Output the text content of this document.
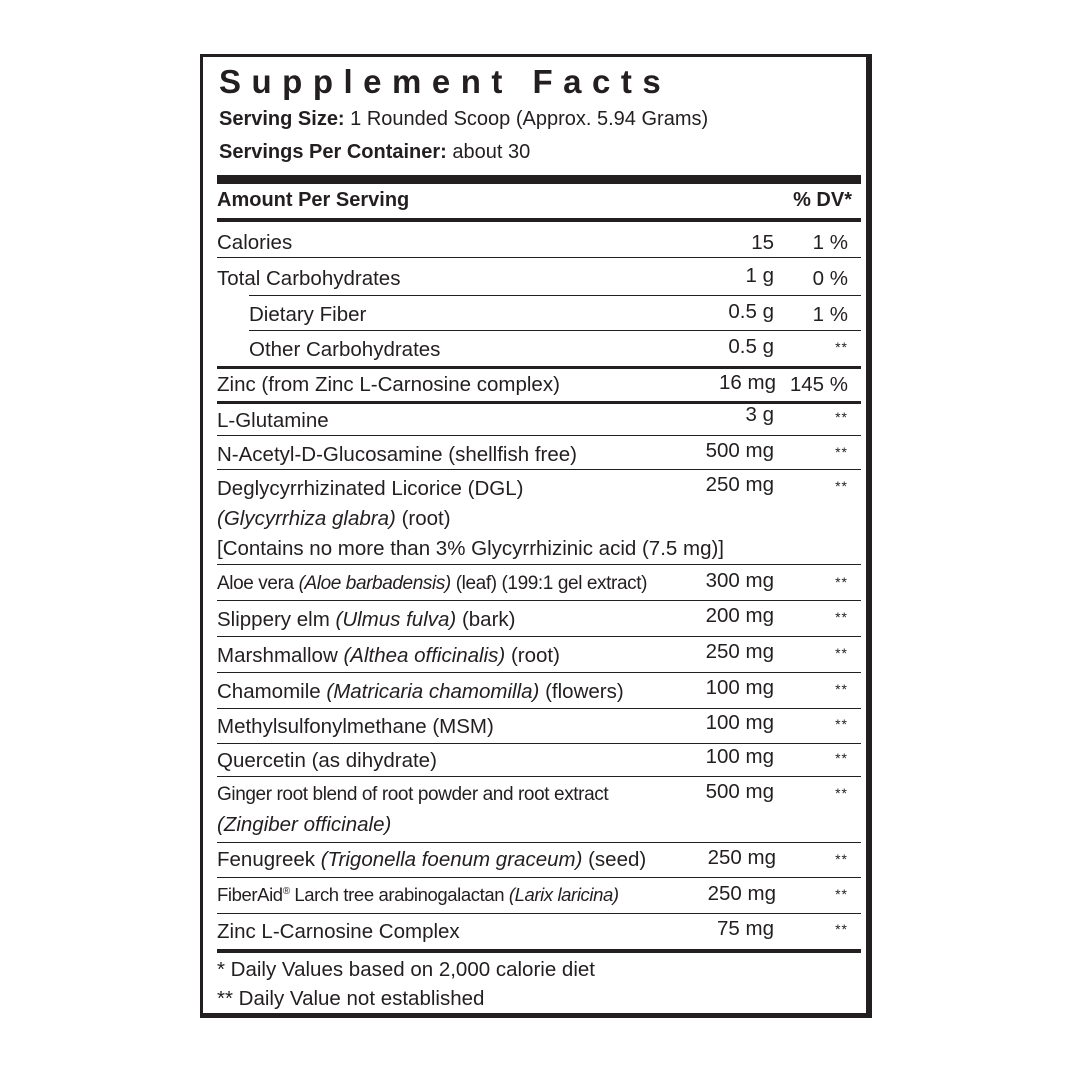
Supplement Facts
Serving Size: 1 Rounded Scoop (Approx. 5.94 Grams)
Servings Per Container: about 30
Amount Per Serving	% DV*
Calories	15 1 %
Total Carbohydrates	1 g 0 %
Dietary Fiber	0.5 g 1 %
Other Carbohydrates	0.5 g	**
Zinc (from Zinc L-Carnosine complex)	16 mg 145 %
L-Glutamine	3 g	**
N-Acetyl-D-Glucosamine (shellfish free)	500 mg	**
Deglycyrrhizinated Licorice (DGL)
(Glycyrrhiza glabra) (root)
[Contains no more than 3% Glycyrrhizinic acid (7.5 mg)]
250 mg	**
Aloe vera (Aloe barbadensis) (leaf) (199:1 gel extract)	300 mg	**
Slippery elm (Ulmus fulva) (bark)	200 mg	**
Marshmallow (Althea officinalis) (root)	250 mg	**
Chamomile (Matricaria chamomilla) (flowers)	100 mg	**
Methylsulfonylmethane (MSM)	100 mg	**
Quercetin (as dihydrate)	100 mg	**
Ginger root blend of root powder and root extract
(Zingiber officinale)
500 mg	**
Fenugreek (Trigonella foenum graceum) (seed)	250 mg	**
FiberAid® Larch tree arabinogalactan (Larix laricina)	250 mg	**
Zinc L-Carnosine Complex	75 mg	**
* Daily Values based on 2,000 calorie diet
** Daily Value not established
